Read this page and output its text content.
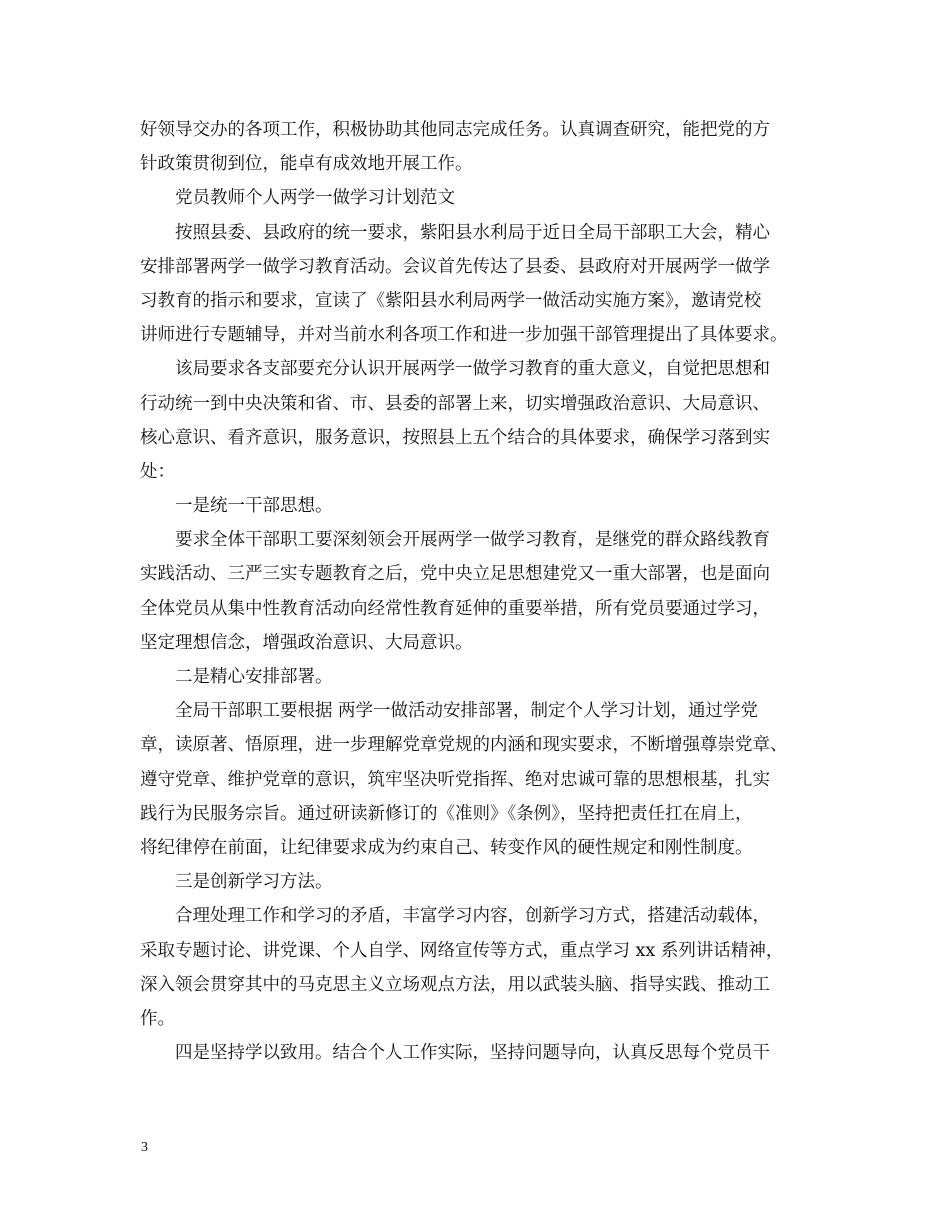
好领导交办的各项工作，积极协助其他同志完成任务。认真调查研究，能把党的方
针政策贯彻到位，能卓有成效地开展工作。
党员教师个人两学一做学习计划范文
按照县委、县政府的统一要求，紫阳县水利局于近日全局干部职工大会，精心
安排部署两学一做学习教育活动。会议首先传达了县委、县政府对开展两学一做学
习教育的指示和要求，宣读了《紫阳县水利局两学一做活动实施方案》，邀请党校
讲师进行专题辅导，并对当前水利各项工作和进一步加强干部管理提出了具体要求。
该局要求各支部要充分认识开展两学一做学习教育的重大意义，自觉把思想和
行动统一到中央决策和省、市、县委的部署上来，切实增强政治意识、大局意识、
核心意识、看齐意识，服务意识，按照县上五个结合的具体要求，确保学习落到实
处：
一是统一干部思想。
要求全体干部职工要深刻领会开展两学一做学习教育，是继党的群众路线教育
实践活动、三严三实专题教育之后，党中央立足思想建党又一重大部署，也是面向
全体党员从集中性教育活动向经常性教育延伸的重要举措，所有党员要通过学习，
坚定理想信念，增强政治意识、大局意识。
二是精心安排部署。
全局干部职工要根据 两学一做活动安排部署，制定个人学习计划，通过学党
章，读原著、悟原理，进一步理解党章党规的内涵和现实要求，不断增强尊崇党章、
遵守党章、维护党章的意识，筑牢坚决听党指挥、绝对忠诚可靠的思想根基，扎实
践行为民服务宗旨。通过研读新修订的《准则》《条例》，坚持把责任扛在肩上，
将纪律停在前面，让纪律要求成为约束自己、转变作风的硬性规定和刚性制度。
三是创新学习方法。
合理处理工作和学习的矛盾，丰富学习内容，创新学习方式，搭建活动载体，
采取专题讨论、讲党课、个人自学、网络宣传等方式，重点学习 xx 系列讲话精神，
深入领会贯穿其中的马克思主义立场观点方法，用以武装头脑、指导实践、推动工
作。
四是坚持学以致用。结合个人工作实际，坚持问题导向，认真反思每个党员干
3
